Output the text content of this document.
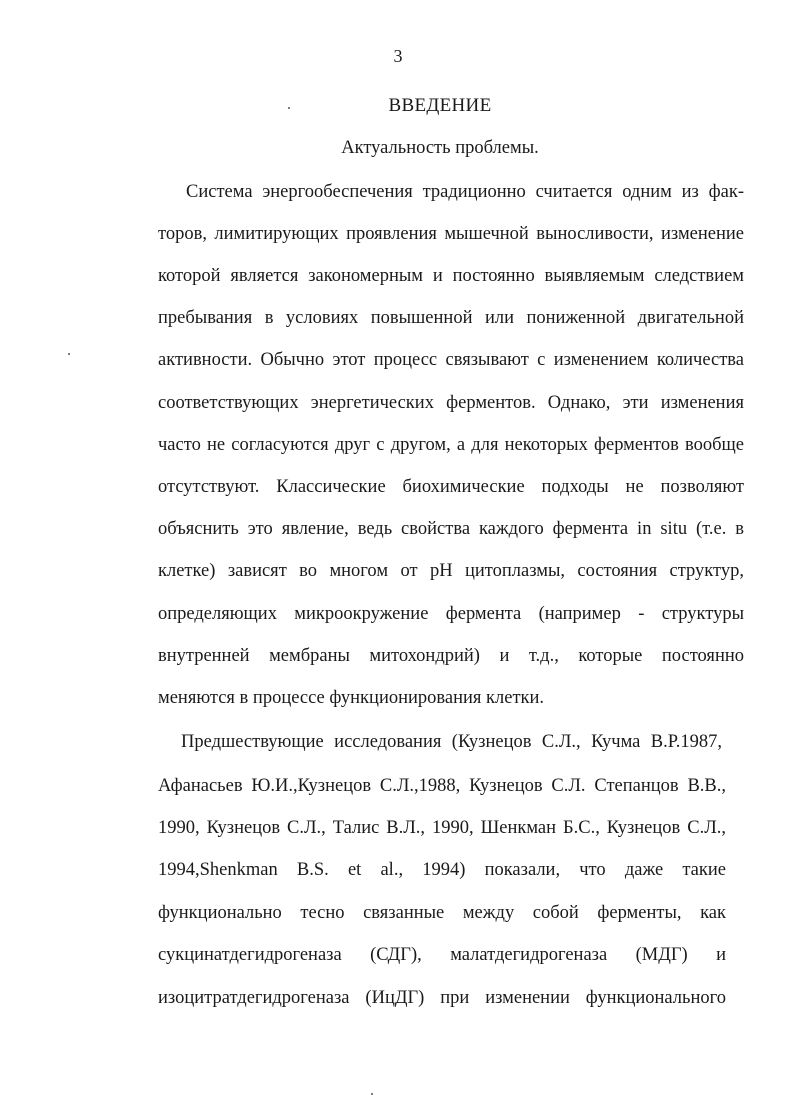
3
ВВЕДЕНИЕ
Актуальность проблемы.
Система энергообеспечения традиционно считается одним из фак-
торов, лимитирующих проявления мышечной выносливости, изменение
которой является закономерным и постоянно выявляемым следствием
пребывания в условиях повышенной или пониженной двигательной
активности. Обычно этот процесс связывают с изменением количества
соответствующих энергетических ферментов. Однако, эти изменения
часто не согласуются друг с другом, а для некоторых ферментов вообще
отсутствуют. Классические биохимические подходы не позволяют
объяснить это явление, ведь свойства каждого фермента in situ (т.е. в
клетке) зависят во многом от pH цитоплазмы, состояния структур,
определяющих микроокружение фермента (например - структуры
внутренней мембраны митохондрий) и т.д., которые постоянно
меняются в процессе функционирования клетки.
Предшествующие исследования (Кузнецов С.Л., Кучма В.Р.1987,
Афанасьев Ю.И.,Кузнецов С.Л.,1988, Кузнецов С.Л. Степанцов В.В.,
1990, Кузнецов С.Л., Талис В.Л., 1990, Шенкман Б.С., Кузнецов С.Л.,
1994,Shenkman B.S. et al., 1994) показали, что даже такие
функционально тесно связанные между собой ферменты, как
сукцинатдегидрогеназа (СДГ), малатдегидрогеназа (МДГ) и
изоцитратдегидрогеназа (ИцДГ) при изменении функционального
